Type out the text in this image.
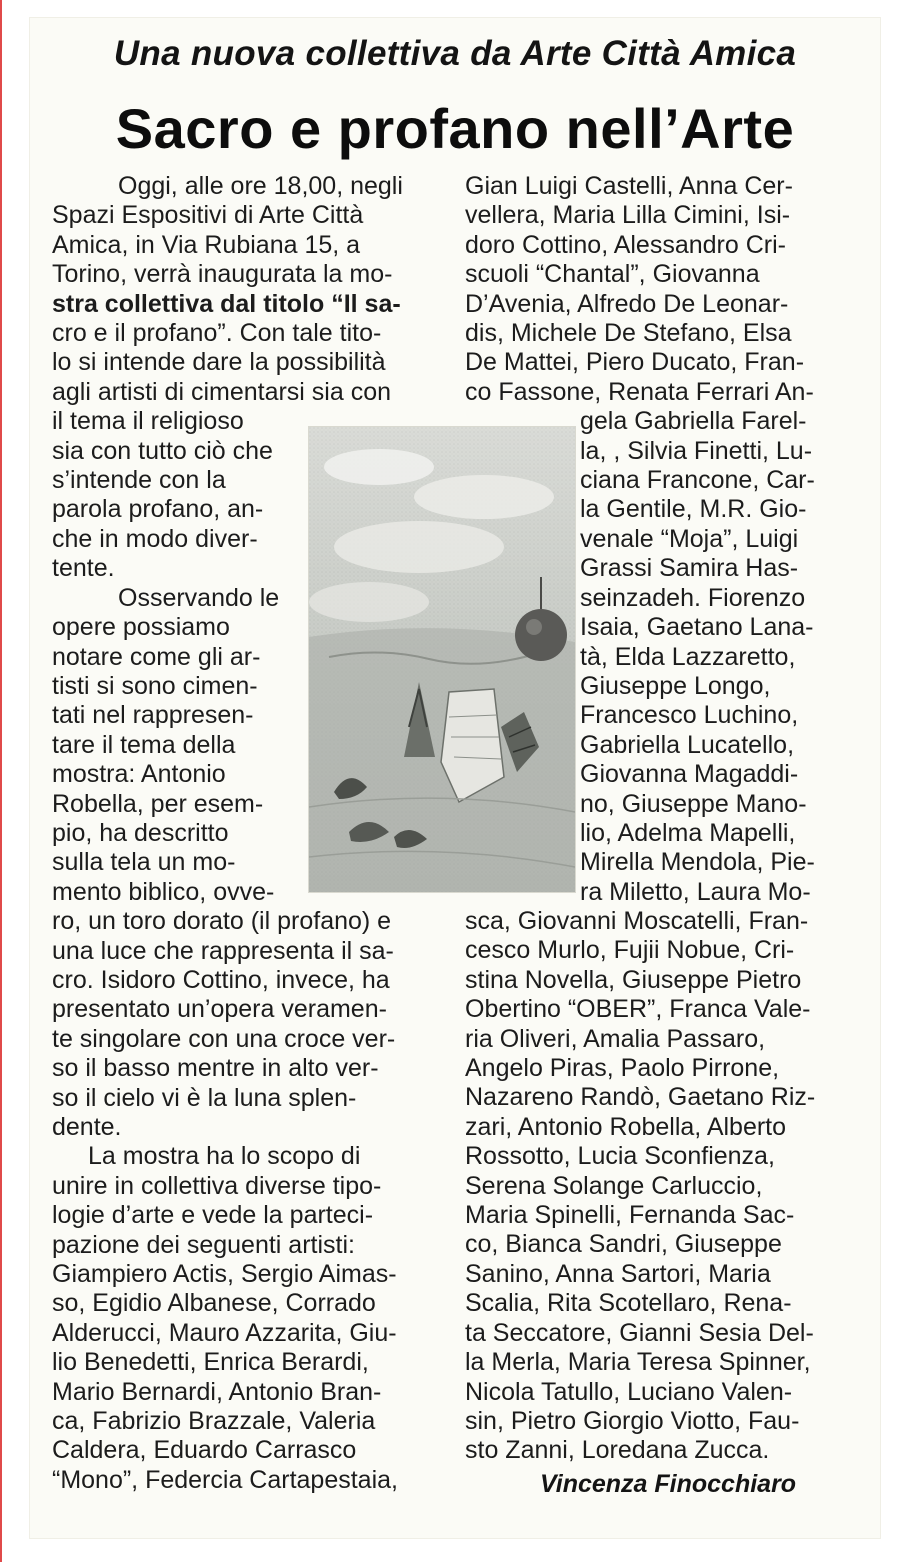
Una nuova collettiva da Arte Città Amica
Sacro e profano nell’Arte
Oggi, alle ore 18,00, negli
Spazi Espositivi di Arte Città
Amica, in Via Rubiana 15, a
Torino, verrà inaugurata la mo-
stra collettiva dal titolo “Il sa-
cro e il profano”. Con tale tito-
lo si intende dare la possibilità
agli artisti di cimentarsi sia con
il tema il religioso
sia con tutto ciò che
s’intende con la
parola profano, an-
che in modo diver-
tente.
Osservando le
opere possiamo
notare come gli ar-
tisti si sono cimen-
tati nel rappresen-
tare il tema della
mostra: Antonio
Robella, per esem-
pio, ha descritto
sulla tela un mo-
mento biblico, ovve-
ro, un toro dorato (il profano) e
una luce che rappresenta il sa-
cro. Isidoro Cottino, invece, ha
presentato un’opera veramen-
te singolare con una croce ver-
so il basso mentre in alto ver-
so il cielo vi è la luna splen-
dente.
La mostra ha lo scopo di
unire in collettiva diverse tipo-
logie d’arte e vede la parteci-
pazione dei seguenti artisti:
Giampiero Actis, Sergio Aimas-
so, Egidio Albanese, Corrado
Alderucci, Mauro Azzarita, Giu-
lio Benedetti, Enrica Berardi,
Mario Bernardi, Antonio Bran-
ca, Fabrizio Brazzale, Valeria
Caldera, Eduardo Carrasco
“Mono”, Federcia Cartapestaia,
Gian Luigi Castelli, Anna Cer-
vellera, Maria Lilla Cimini, Isi-
doro Cottino, Alessandro Cri-
scuoli “Chantal”, Giovanna
D’Avenia, Alfredo De Leonar-
dis, Michele De Stefano, Elsa
De Mattei, Piero Ducato, Fran-
co Fassone, Renata Ferrari An-
gela Gabriella Farel-
la, , Silvia Finetti, Lu-
ciana Francone, Car-
la Gentile, M.R. Gio-
venale “Moja”, Luigi
Grassi Samira Has-
seinzadeh. Fiorenzo
Isaia, Gaetano Lana-
tà, Elda Lazzaretto,
Giuseppe Longo,
Francesco Luchino,
Gabriella Lucatello,
Giovanna Magaddi-
no, Giuseppe Mano-
lio, Adelma Mapelli,
Mirella Mendola, Pie-
ra Miletto, Laura Mo-
sca, Giovanni Moscatelli, Fran-
cesco Murlo, Fujii Nobue, Cri-
stina Novella, Giuseppe Pietro
Obertino “OBER”, Franca Vale-
ria Oliveri, Amalia Passaro,
Angelo Piras, Paolo Pirrone,
Nazareno Randò, Gaetano Riz-
zari, Antonio Robella, Alberto
Rossotto, Lucia Sconfienza,
Serena Solange Carluccio,
Maria Spinelli, Fernanda Sac-
co, Bianca Sandri, Giuseppe
Sanino, Anna Sartori, Maria
Scalia, Rita Scotellaro, Rena-
ta Seccatore, Gianni Sesia Del-
la Merla, Maria Teresa Spinner,
Nicola Tatullo, Luciano Valen-
sin, Pietro Giorgio Viotto, Fau-
sto Zanni, Loredana Zucca.
Vincenza Finocchiaro
